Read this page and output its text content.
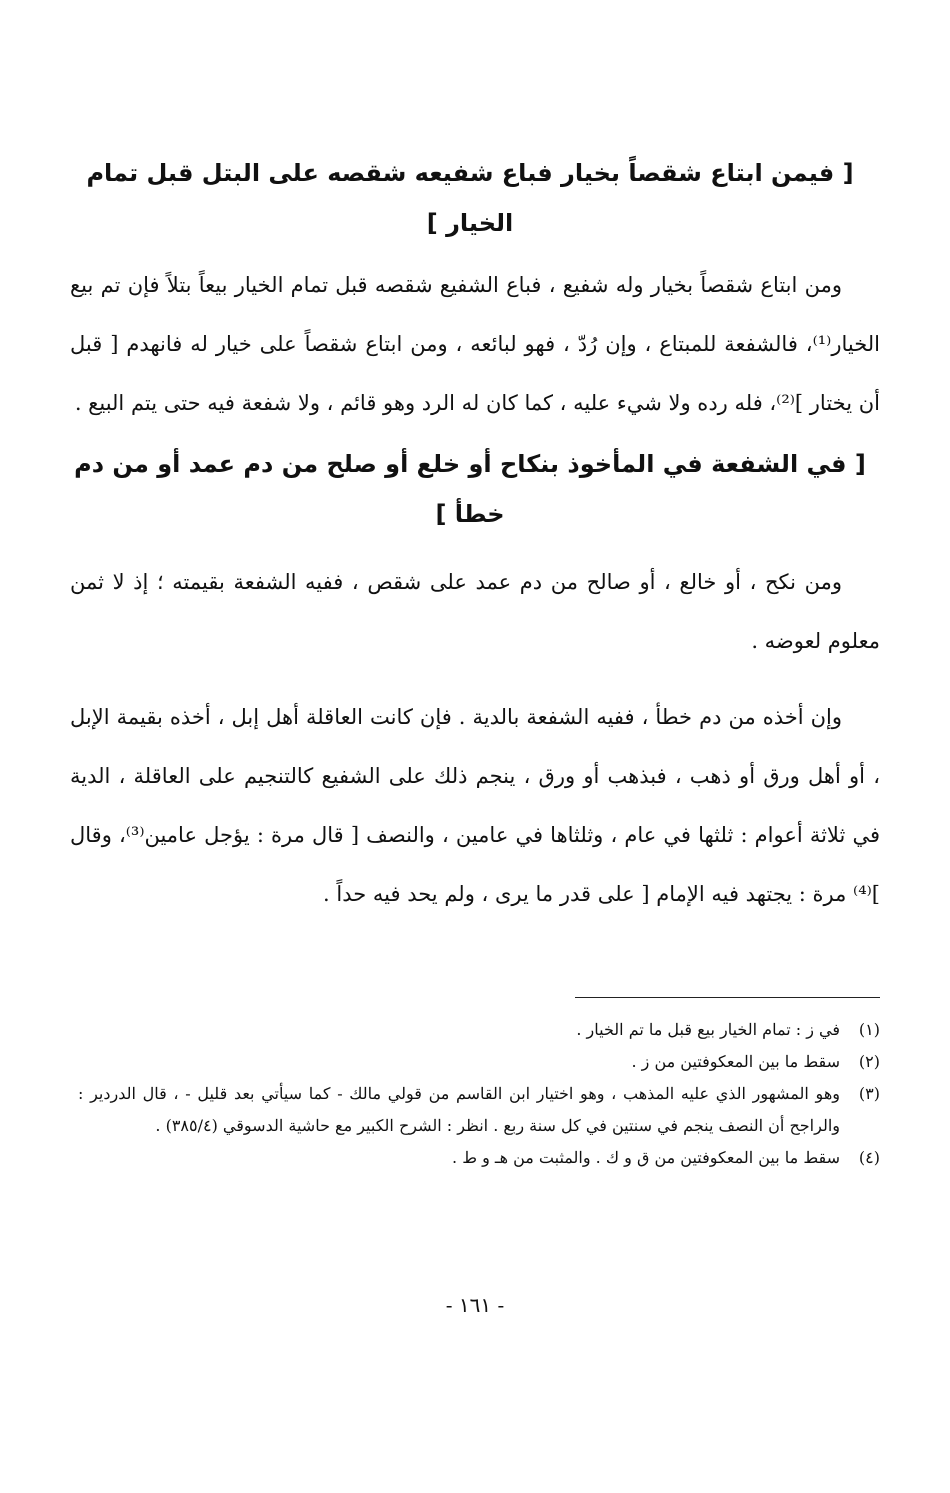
[ فيمن ابتاع شقصاً بخيار فباع شفيعه شقصه على البتل قبل تمام الخيار ]

ومن ابتاع شقصاً بخيار وله شفيع ، فباع الشفيع شقصه قبل تمام الخيار بيعاً بتلاً فإن تم بيع الخيار⁽¹⁾، فالشفعة للمبتاع ، وإن رُدّ ، فهو لبائعه ، ومن ابتاع شقصاً على خيار له فانهدم [ قبل أن يختار ]⁽²⁾، فله رده ولا شيء عليه ، كما كان له الرد وهو قائم ، ولا شفعة فيه حتى يتم البيع .

[ في الشفعة في المأخوذ بنكاح أو خلع أو صلح من دم عمد أو من دم خطأ ]

ومن نكح ، أو خالع ، أو صالح من دم عمد على شقص ، ففيه الشفعة بقيمته ؛ إذ لا ثمن معلوم لعوضه .

وإن أخذه من دم خطأ ، ففيه الشفعة بالدية . فإن كانت العاقلة أهل إبل ، أخذه بقيمة الإبل ، أو أهل ورق أو ذهب ، فبذهب أو ورق ، ينجم ذلك على الشفيع كالتنجيم على العاقلة ، الدية في ثلاثة أعوام : ثلثها في عام ، وثلثاها في عامين ، والنصف [ قال مرة : يؤجل عامين⁽³⁾، وقال ]⁽⁴⁾ مرة : يجتهد فيه الإمام [ على قدر ما يرى ، ولم يحد فيه حداً .

(١)
في ز : تمام الخيار بيع قبل ما تم الخيار .
(٢)
سقط ما بين المعكوفتين من ز .
(٣)
وهو المشهور الذي عليه المذهب ، وهو اختيار ابن القاسم من قولي مالك - كما سيأتي بعد قليل - ، قال الدردير : والراجح أن النصف ينجم في سنتين في كل سنة ربع . انظر : الشرح الكبير مع حاشية الدسوقي (٣٨٥/٤) .
(٤)
سقط ما بين المعكوفتين من ق و ك . والمثبت من هـ و ط .
- ١٦١ -
